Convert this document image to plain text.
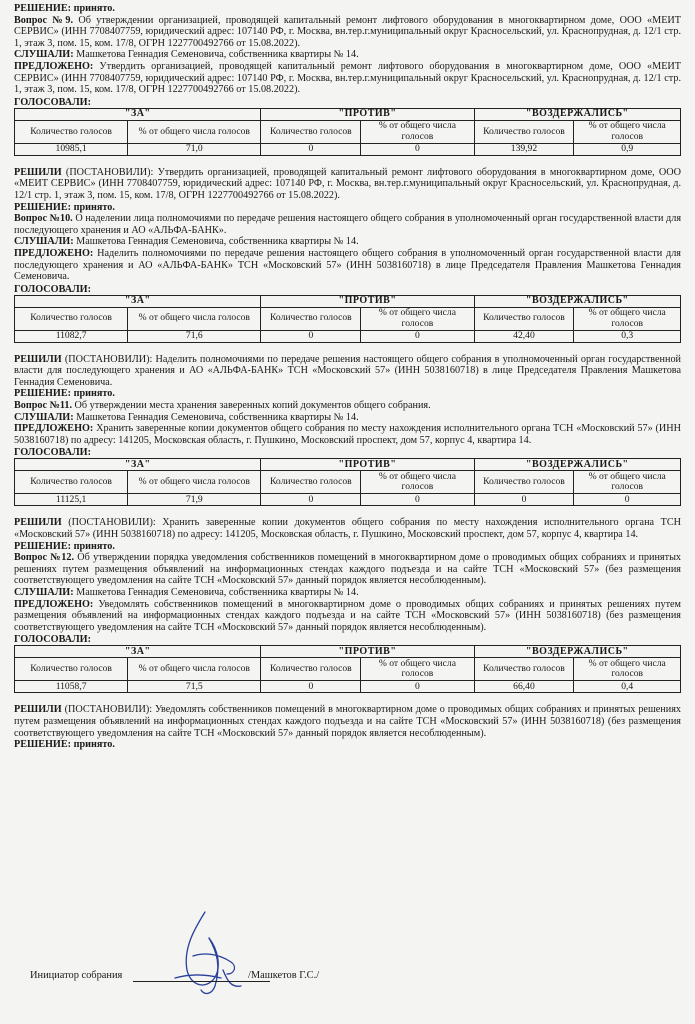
РЕШЕНИЕ: принято.

Вопрос №9. Об утверждении организацией, проводящей капитальный ремонт лифтового оборудования в многоквартирном доме, ООО «МЕИТ СЕРВИС» (ИНН 7708407759, юридический адрес: 107140 РФ, г. Москва, вн.тер.г.муниципальный округ Красносельский, ул. Краснопрудная, д. 12/1 стр. 1, этаж 3, пом. 15, ком. 17/8, ОГРН 1227700492766 от 15.08.2022).

СЛУШАЛИ: Машкетова Геннадия Семеновича, собственника квартиры № 14.

ПРЕДЛОЖЕНО: Утвердить организацией, проводящей капитальный ремонт лифтового оборудования в многоквартирном доме, ООО «МЕИТ СЕРВИС» (ИНН 7708407759, юридический адрес: 107140 РФ, г. Москва, вн.тер.г.муниципальный округ Красносельский, ул. Краснопрудная, д. 12/1 стр. 1, этаж 3, пом. 15, ком. 17/8, ОГРН 1227700492766 от 15.08.2022).

ГОЛОСОВАЛИ:
"ЗА"		"ПРОТИВ"		"ВОЗДЕРЖАЛИСЬ"	
Количество голосов	% от общего числа голосов	Количество голосов	% от общего числа голосов	Количество голосов	% от общего числа голосов
10985,1	71,0	0	0	139,92	0,9

РЕШИЛИ (ПОСТАНОВИЛИ): Утвердить организацией, проводящей капитальный ремонт лифтового оборудования в многоквартирном доме, ООО «МЕИТ СЕРВИС» (ИНН 7708407759, юридический адрес: 107140 РФ, г. Москва, вн.тер.г.муниципальный округ Красносельский, ул. Краснопрудная, д. 12/1 стр. 1, этаж 3, пом. 15, ком. 17/8, ОГРН 1227700492766 от 15.08.2022).

РЕШЕНИЕ: принято.

Вопрос №10. О наделении лица полномочиями по передаче решения настоящего общего собрания в уполномоченный орган государственной власти для последующего хранения и АО «АЛЬФА-БАНК».

СЛУШАЛИ: Машкетова Геннадия Семеновича, собственника квартиры № 14.

ПРЕДЛОЖЕНО: Наделить полномочиями по передаче решения настоящего общего собрания в уполномоченный орган государственной власти для последующего хранения и АО «АЛЬФА-БАНК» ТСН «Московский 57» (ИНН 5038160718) в лице Председателя Правления Машкетова Геннадия Семеновича.

ГОЛОСОВАЛИ:
"ЗА"		"ПРОТИВ"		"ВОЗДЕРЖАЛИСЬ"	
Количество голосов	% от общего числа голосов	Количество голосов	% от общего числа голосов	Количество голосов	% от общего числа голосов
11082,7	71,6	0	0	42,40	0,3

РЕШИЛИ (ПОСТАНОВИЛИ): Наделить полномочиями по передаче решения настоящего общего собрания в уполномоченный орган государственной власти для последующего хранения и АО «АЛЬФА-БАНК» ТСН «Московский 57» (ИНН 5038160718) в лице Председателя Правления Машкетова Геннадия Семеновича.

РЕШЕНИЕ: принято.

Вопрос №11. Об утверждении места хранения заверенных копий документов общего собрания.

СЛУШАЛИ: Машкетова Геннадия Семеновича, собственника квартиры № 14.

ПРЕДЛОЖЕНО: Хранить заверенные копии документов общего собрания по месту нахождения исполнительного органа ТСН «Московский 57» (ИНН 5038160718) по адресу: 141205, Московская область, г. Пушкино, Московский проспект, дом 57, корпус 4, квартира 14.

ГОЛОСОВАЛИ:
"ЗА"		"ПРОТИВ"		"ВОЗДЕРЖАЛИСЬ"	
Количество голосов	% от общего числа голосов	Количество голосов	% от общего числа голосов	Количество голосов	% от общего числа голосов
11125,1	71,9	0	0	0	0

РЕШИЛИ (ПОСТАНОВИЛИ): Хранить заверенные копии документов общего собрания по месту нахождения исполнительного органа ТСН «Московский 57» (ИНН 5038160718) по адресу: 141205, Московская область, г. Пушкино, Московский проспект, дом 57, корпус 4, квартира 14.

РЕШЕНИЕ: принято.

Вопрос №12. Об утверждении порядка уведомления собственников помещений в многоквартирном доме о проводимых общих собраниях и принятых решениях путем размещения объявлений на информационных стендах каждого подъезда и на сайте ТСН «Московский 57» (без размещения соответствующего уведомления на сайте ТСН «Московский 57» данный порядок является несоблюденным).

СЛУШАЛИ: Машкетова Геннадия Семеновича, собственника квартиры № 14.

ПРЕДЛОЖЕНО: Уведомлять собственников помещений в многоквартирном доме о проводимых общих собраниях и принятых решениях путем размещения объявлений на информационных стендах каждого подъезда и на сайте ТСН «Московский 57» (ИНН 5038160718) (без размещения соответствующего уведомления на сайте ТСН «Московский 57» данный порядок является несоблюденным).

ГОЛОСОВАЛИ:
"ЗА"		"ПРОТИВ"		"ВОЗДЕРЖАЛИСЬ"	
Количество голосов	% от общего числа голосов	Количество голосов	% от общего числа голосов	Количество голосов	% от общего числа голосов
11058,7	71,5	0	0	66,40	0,4

РЕШИЛИ (ПОСТАНОВИЛИ): Уведомлять собственников помещений в многоквартирном доме о проводимых общих собраниях и принятых решениях путем размещения объявлений на информационных стендах каждого подъезда и на сайте ТСН «Московский 57» (ИНН 5038160718) (без размещения соответствующего уведомления на сайте ТСН «Московский 57» данный порядок является несоблюденным).

РЕШЕНИЕ: принято.

Инициатор собрания	/Машкетов Г.С./
